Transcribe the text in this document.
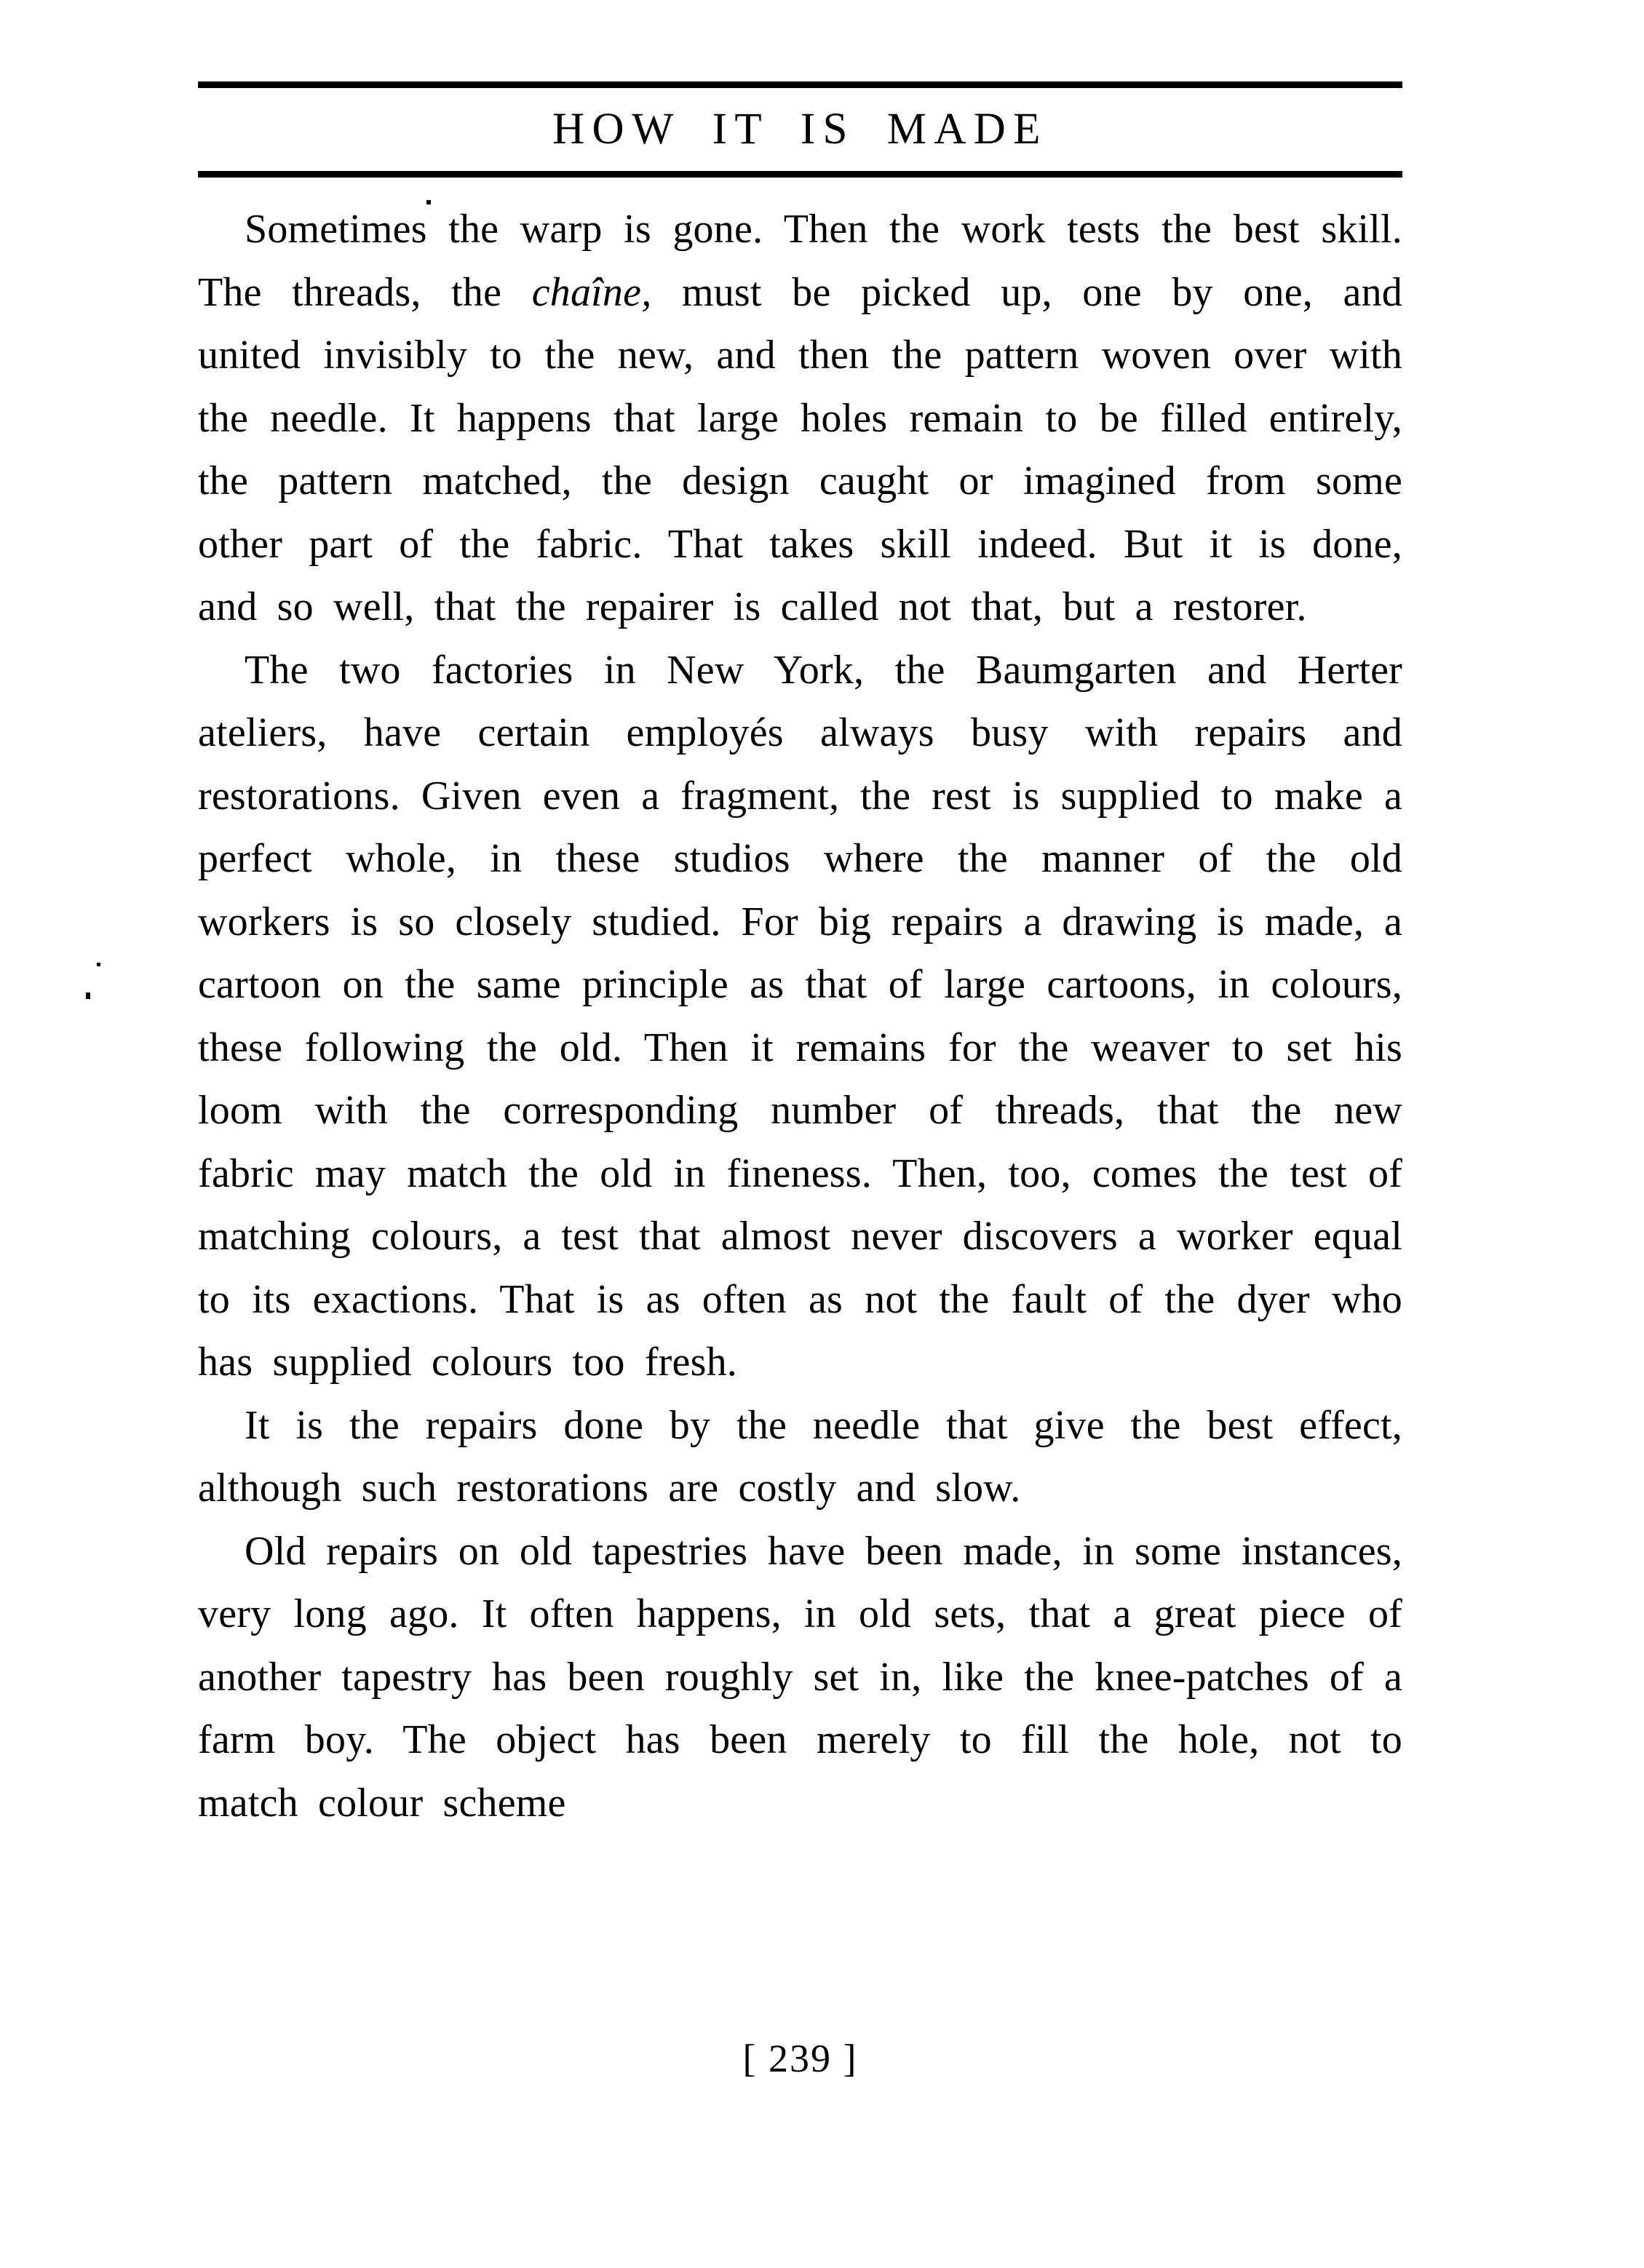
HOW IT IS MADE

Sometimes the warp is gone. Then the work tests the best skill. The threads, the chaîne, must be picked up, one by one, and united invisibly to the new, and then the pattern woven over with the needle. It happens that large holes remain to be filled entirely, the pattern matched, the design caught or imagined from some other part of the fabric. That takes skill indeed. But it is done, and so well, that the repairer is called not that, but a restorer.

The two factories in New York, the Baumgarten and Herter ateliers, have certain employés always busy with repairs and restorations. Given even a fragment, the rest is supplied to make a perfect whole, in these studios where the manner of the old workers is so closely studied. For big repairs a drawing is made, a cartoon on the same principle as that of large cartoons, in colours, these following the old. Then it remains for the weaver to set his loom with the corresponding number of threads, that the new fabric may match the old in fineness. Then, too, comes the test of matching colours, a test that almost never discovers a worker equal to its exactions. That is as often as not the fault of the dyer who has supplied colours too fresh.

It is the repairs done by the needle that give the best effect, although such restorations are costly and slow.

Old repairs on old tapestries have been made, in some instances, very long ago. It often happens, in old sets, that a great piece of another tapestry has been roughly set in, like the knee-patches of a farm boy. The object has been merely to fill the hole, not to match colour scheme

[ 239 ]
